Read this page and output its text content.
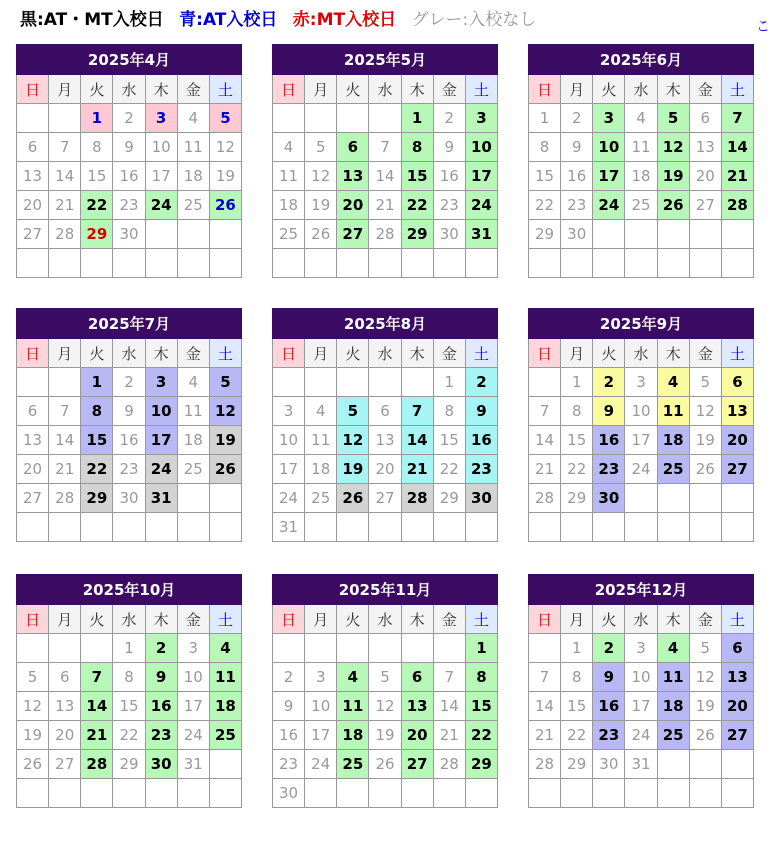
黒:AT・MT入校日 青:AT入校日 赤:MT入校日 グレー:入校なし	こ
2025年4月						
日	月	火	水	木	金	土
		1	2	3	4	5
6	7	8	9	10	11	12
13	14	15	16	17	18	19
20	21	22	23	24	25	26
27	28	29	30			

2025年5月						
日	月	火	水	木	金	土
				1	2	3
4	5	6	7	8	9	10
11	12	13	14	15	16	17
18	19	20	21	22	23	24
25	26	27	28	29	30	31

2025年6月						
日	月	火	水	木	金	土
1	2	3	4	5	6	7
8	9	10	11	12	13	14
15	16	17	18	19	20	21
22	23	24	25	26	27	28
29	30					

2025年7月						
日	月	火	水	木	金	土
		1	2	3	4	5
6	7	8	9	10	11	12
13	14	15	16	17	18	19
20	21	22	23	24	25	26
27	28	29	30	31		

2025年8月						
日	月	火	水	木	金	土
					1	2
3	4	5	6	7	8	9
10	11	12	13	14	15	16
17	18	19	20	21	22	23
24	25	26	27	28	29	30
31						
2025年9月						
日	月	火	水	木	金	土
	1	2	3	4	5	6
7	8	9	10	11	12	13
14	15	16	17	18	19	20
21	22	23	24	25	26	27
28	29	30				

2025年10月						
日	月	火	水	木	金	土
			1	2	3	4
5	6	7	8	9	10	11
12	13	14	15	16	17	18
19	20	21	22	23	24	25
26	27	28	29	30	31	

2025年11月						
日	月	火	水	木	金	土
						1
2	3	4	5	6	7	8
9	10	11	12	13	14	15
16	17	18	19	20	21	22
23	24	25	26	27	28	29
30						
2025年12月						
日	月	火	水	木	金	土
	1	2	3	4	5	6
7	8	9	10	11	12	13
14	15	16	17	18	19	20
21	22	23	24	25	26	27
28	29	30	31			
